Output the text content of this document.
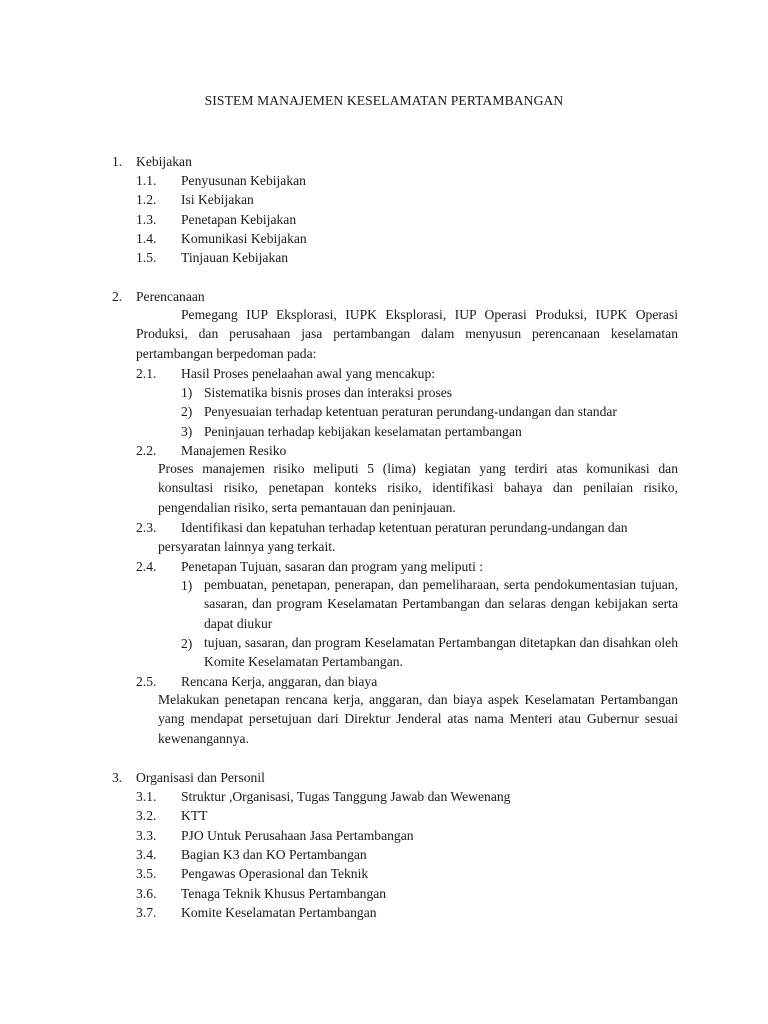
SISTEM MANAJEMEN KESELAMATAN PERTAMBANGAN
1. Kebijakan
1.1. Penyusunan Kebijakan
1.2. Isi Kebijakan
1.3. Penetapan Kebijakan
1.4. Komunikasi Kebijakan
1.5. Tinjauan Kebijakan
2. Perencanaan
Pemegang IUP Eksplorasi, IUPK Eksplorasi, IUP Operasi Produksi, IUPK Operasi Produksi, dan perusahaan jasa pertambangan dalam menyusun perencanaan keselamatan pertambangan berpedoman pada:
2.1. Hasil Proses penelaahan awal yang mencakup:
1) Sistematika bisnis proses dan interaksi proses
2) Penyesuaian terhadap ketentuan peraturan perundang-undangan dan standar
3) Peninjauan terhadap kebijakan keselamatan pertambangan
2.2. Manajemen Resiko
Proses manajemen risiko meliputi 5 (lima) kegiatan yang terdiri atas komunikasi dan konsultasi risiko, penetapan konteks risiko, identifikasi bahaya dan penilaian risiko, pengendalian risiko, serta pemantauan dan peninjauan.
2.3. Identifikasi dan kepatuhan terhadap ketentuan peraturan perundang-undangan dan
persyaratan lainnya yang terkait.
2.4. Penetapan Tujuan, sasaran dan program yang meliputi :
1) pembuatan, penetapan, penerapan, dan pemeliharaan, serta pendokumentasian tujuan, sasaran, dan program Keselamatan Pertambangan dan selaras dengan kebijakan serta dapat diukur
2) tujuan, sasaran, dan program Keselamatan Pertambangan ditetapkan dan disahkan oleh Komite Keselamatan Pertambangan.
2.5. Rencana Kerja, anggaran, dan biaya
Melakukan penetapan rencana kerja, anggaran, dan biaya aspek Keselamatan Pertambangan yang mendapat persetujuan dari Direktur Jenderal atas nama Menteri atau Gubernur sesuai kewenangannya.
3. Organisasi dan Personil
3.1. Struktur ,Organisasi, Tugas Tanggung Jawab dan Wewenang
3.2. KTT
3.3. PJO Untuk Perusahaan Jasa Pertambangan
3.4. Bagian K3 dan KO Pertambangan
3.5. Pengawas Operasional dan Teknik
3.6. Tenaga Teknik Khusus Pertambangan
3.7. Komite Keselamatan Pertambangan
